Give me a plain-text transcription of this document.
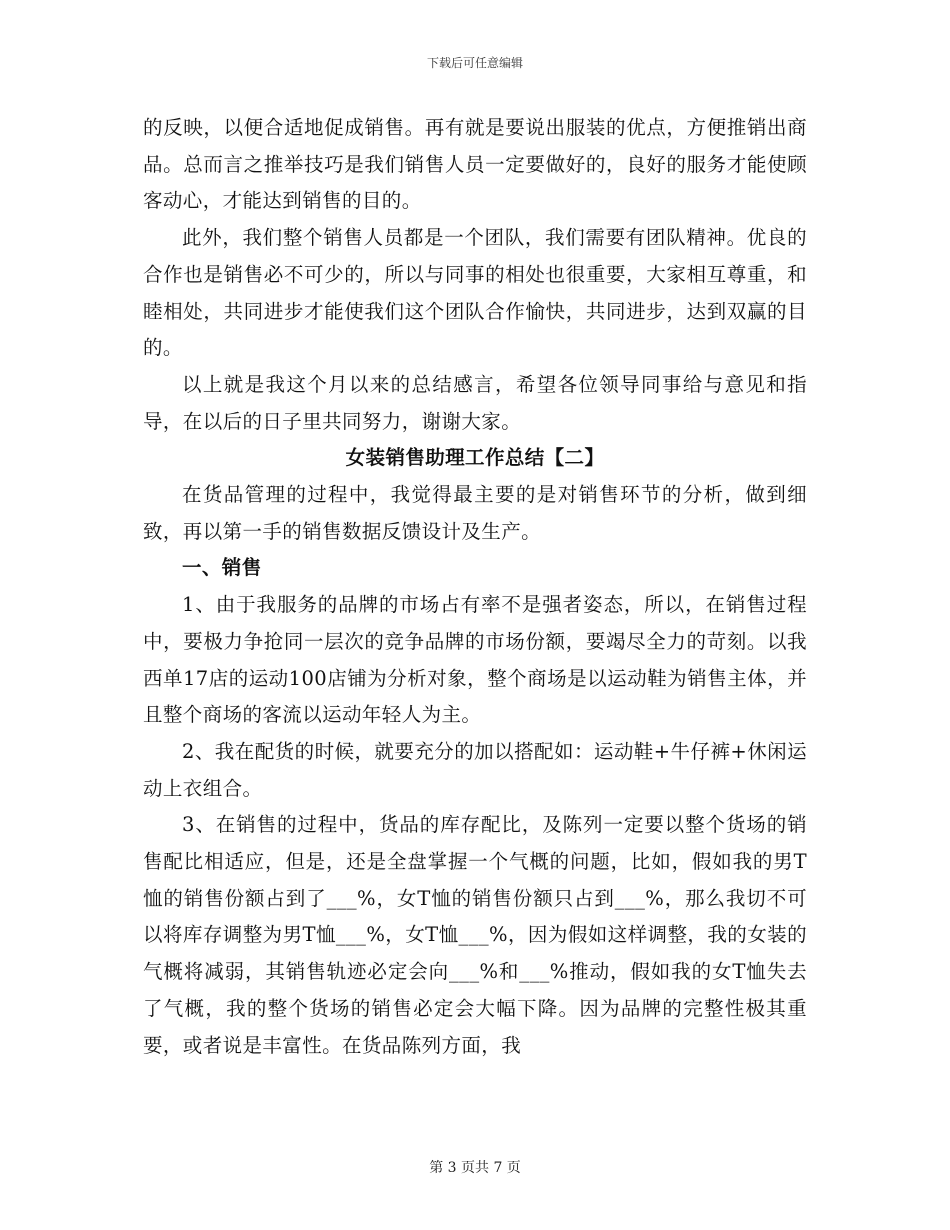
下载后可任意编辑

的反映，以便合适地促成销售。再有就是要说出服装的优点，方便推销出商品。总而言之推举技巧是我们销售人员一定要做好的，良好的服务才能使顾客动心，才能达到销售的目的。

此外，我们整个销售人员都是一个团队，我们需要有团队精神。优良的合作也是销售必不可少的，所以与同事的相处也很重要，大家相互尊重，和睦相处，共同进步才能使我们这个团队合作愉快，共同进步，达到双赢的目的。

以上就是我这个月以来的总结感言，希望各位领导同事给与意见和指导，在以后的日子里共同努力，谢谢大家。

女装销售助理工作总结【二】

在货品管理的过程中，我觉得最主要的是对销售环节的分析，做到细致，再以第一手的销售数据反馈设计及生产。

一、销售

1、由于我服务的品牌的市场占有率不是强者姿态，所以，在销售过程中，要极力争抢同一层次的竞争品牌的市场份额，要竭尽全力的苛刻。以我西单17店的运动100店铺为分析对象，整个商场是以运动鞋为销售主体，并且整个商场的客流以运动年轻人为主。

2、我在配货的时候，就要充分的加以搭配如：运动鞋+牛仔裤+休闲运动上衣组合。

3、在销售的过程中，货品的库存配比，及陈列一定要以整个货场的销售配比相适应，但是，还是全盘掌握一个气概的问题，比如，假如我的男T恤的销售份额占到了___%，女T恤的销售份额只占到___%，那么我切不可以将库存调整为男T恤___%，女T恤___%，因为假如这样调整，我的女装的气概将减弱，其销售轨迹必定会向___%和___%推动，假如我的女T恤失去了气概，我的整个货场的销售必定会大幅下降。因为品牌的完整性极其重要，或者说是丰富性。在货品陈列方面，我

第 3 页共 7 页
